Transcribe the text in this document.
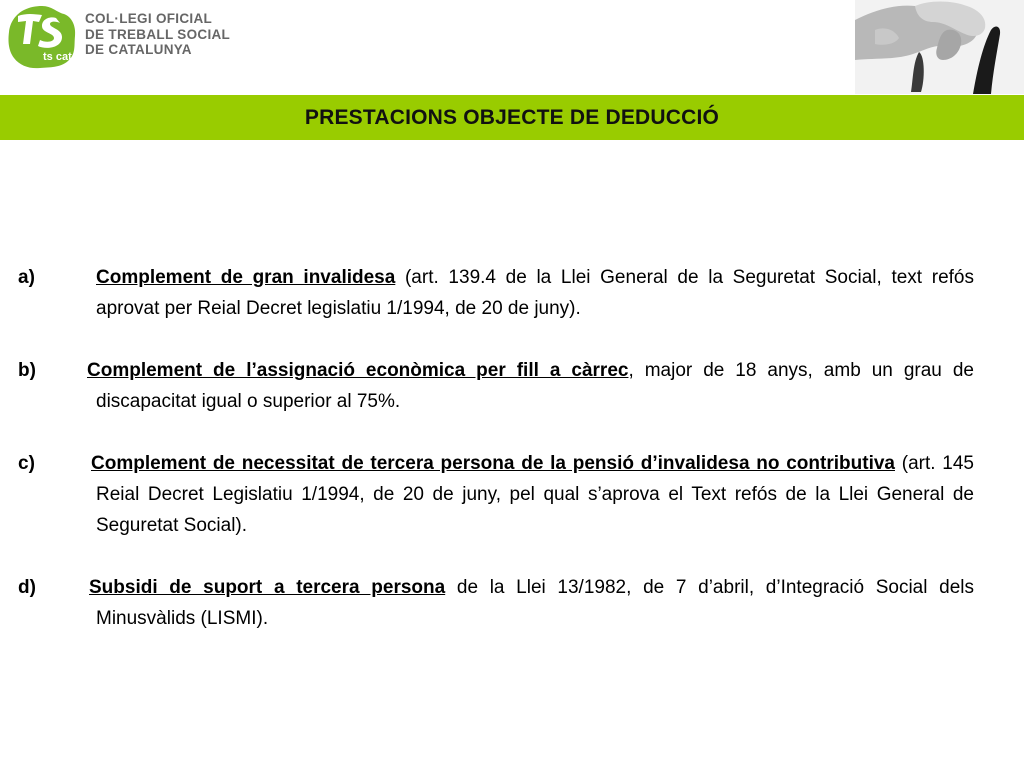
ts cat
COL·LEGI OFICIAL
DE TREBALL SOCIAL
DE CATALUNYA
PRESTACIONS OBJECTE DE DEDUCCIÓ
a)	Complement de gran invalidesa (art. 139.4 de la Llei General de la Seguretat Social, text refós aprovat per Reial Decret legislatiu 1/1994, de 20 de juny).
b)	Complement de l’assignació econòmica per fill a càrrec, major de 18 anys, amb un grau de discapacitat igual o superior al 75%.
c)	Complement de necessitat de tercera persona de la pensió d’invalidesa no contributiva (art. 145 Reial Decret Legislatiu 1/1994, de 20 de juny, pel qual s’aprova el Text refós de la Llei General de Seguretat Social).
d)	Subsidi de suport a tercera persona de la Llei 13/1982, de 7 d’abril, d’Integració Social dels Minusvàlids (LISMI).
